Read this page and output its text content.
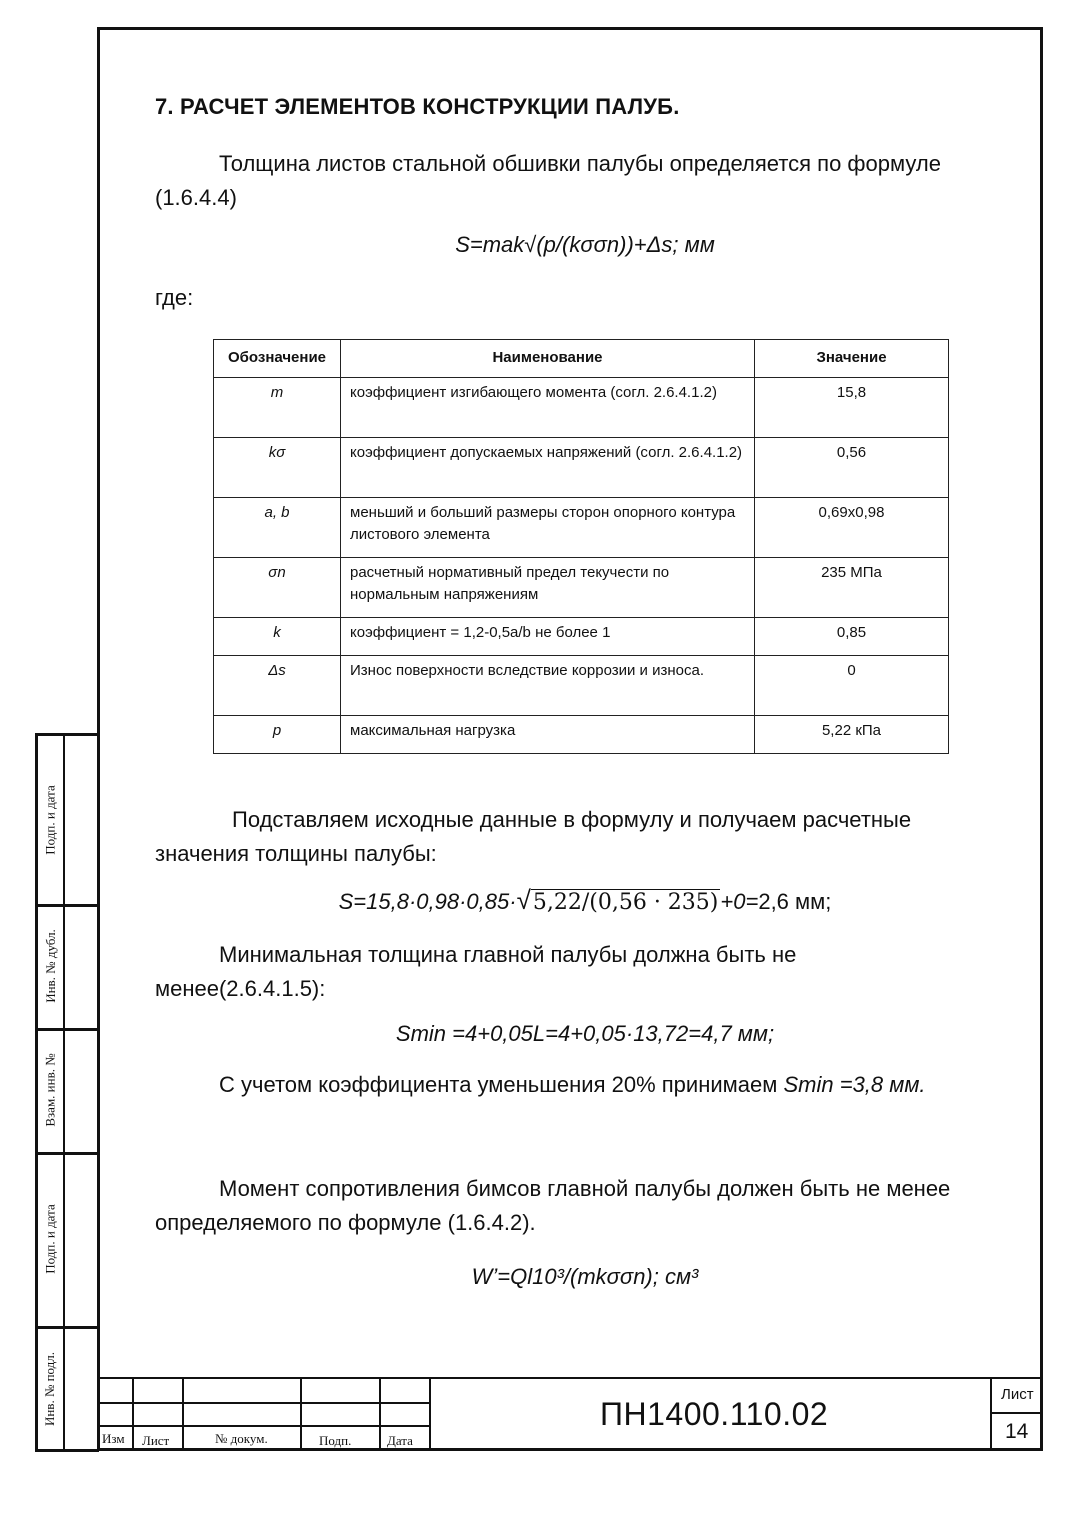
Подп. и дата
Инв. № дубл.
Взам. инв. №
Подп. и дата
Инв. № подл.
7. РАСЧЕТ ЭЛЕМЕНТОВ КОНСТРУКЦИИ ПАЛУБ.
Толщина листов стальной обшивки палубы определяется по формуле (1.6.4.4)
S=mak√(p/(kσσn))+Δs; мм
где:
Обозначение	Наименование	Значение
m	коэффициент изгибающего момента (согл. 2.6.4.1.2)	15,8
kσ	коэффициент допускаемых напряжений (согл. 2.6.4.1.2)	0,56
a, b	меньший и больший размеры сторон опорного контура листового элемента	0,69х0,98
σn	расчетный нормативный предел текучести по нормальным напряжениям	235 МПа
k	коэффициент = 1,2-0,5a/b не более 1	0,85
Δs	Износ поверхности вследствие коррозии и износа.	0
p	максимальная нагрузка	5,22 кПа
Подставляем исходные данные в формулу и получаем расчетные
значения толщины палубы:
S=15,8·0,98·0,85·√5,22/(0,56 · 235)+0=2,6 мм;
Минимальная толщина главной палубы должна быть не
менее(2.6.4.1.5):
Smin =4+0,05L=4+0,05·13,72=4,7 мм;
С учетом коэффициента уменьшения 20% принимаем Smin =3,8 мм.
Момент сопротивления бимсов главной палубы должен быть не менее
определяемого по формуле (1.6.4.2).
W’=Ql10³/(mkσσn); см³
Изм Лист	№ докум.	Подп.	Дата
Лист
14
ПН1400.110.02
